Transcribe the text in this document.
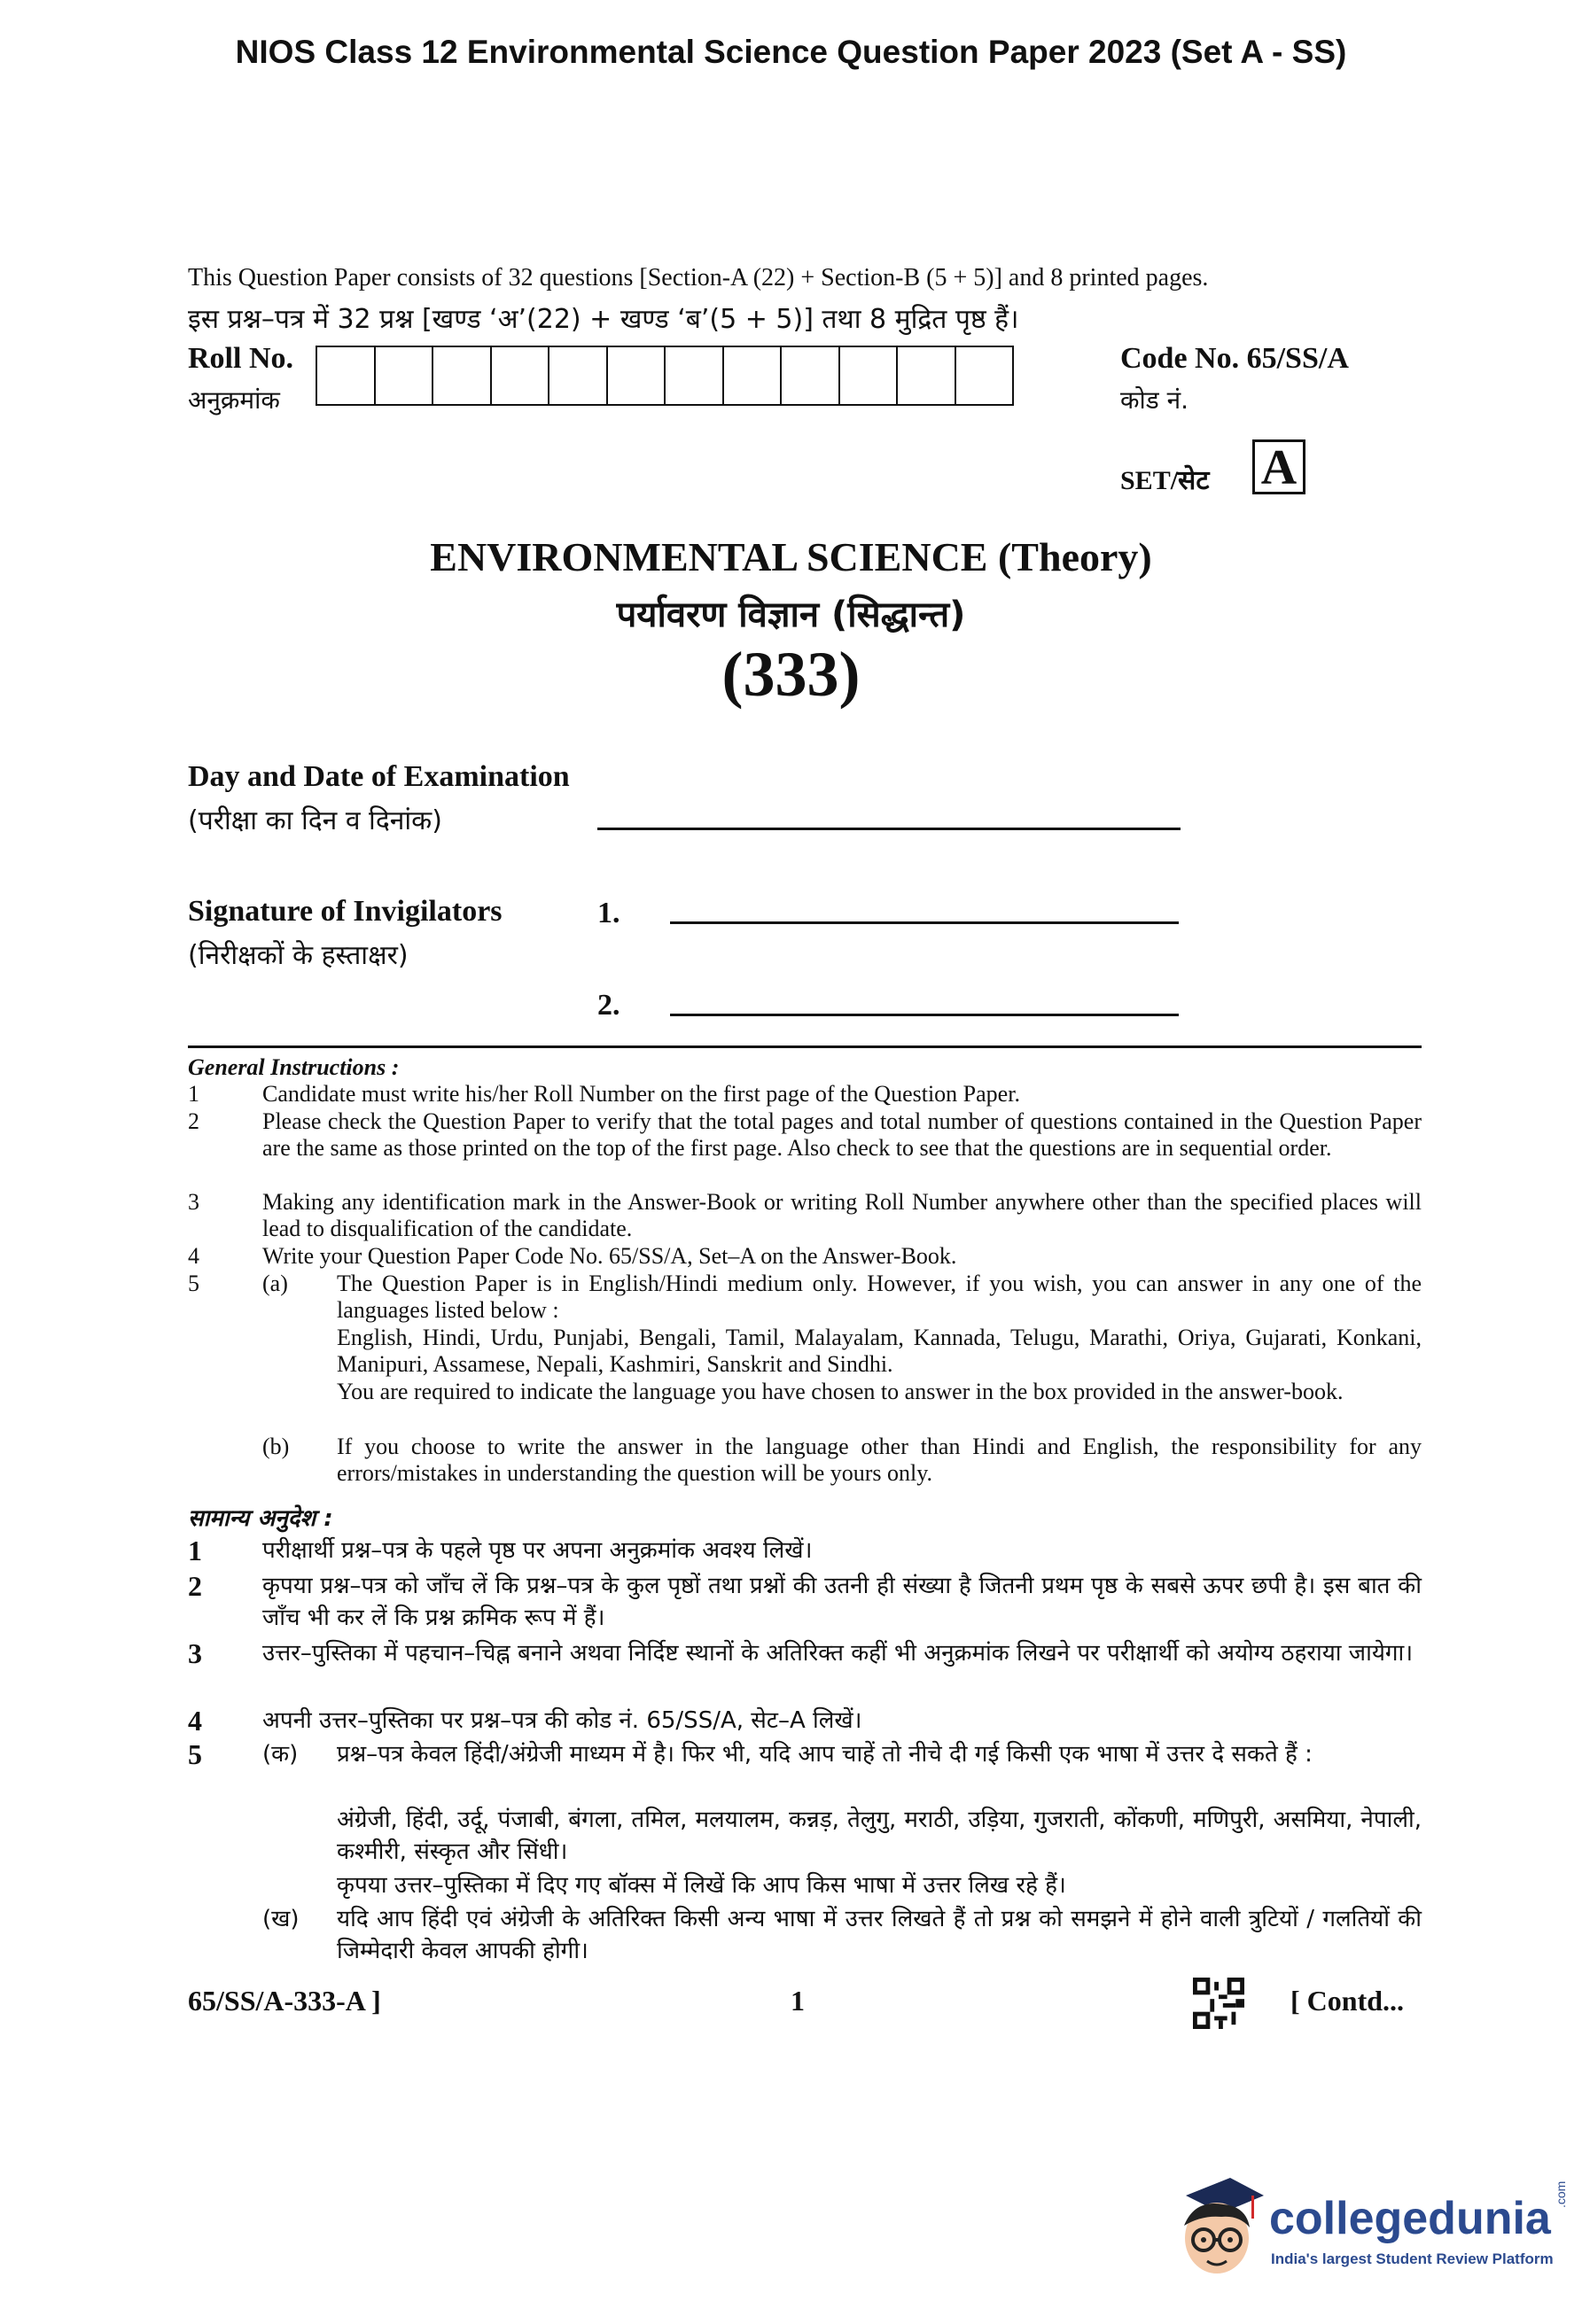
NIOS Class 12 Environmental Science Question Paper 2023 (Set A - SS)
This Question Paper consists of 32 questions [Section-A (22) + Section-B (5 + 5)] and 8 printed pages.
इस प्रश्न–पत्र में 32 प्रश्न [खण्ड ‘अ’(22) + खण्ड ‘ब’(5 + 5)] तथा 8 मुद्रित पृष्ठ हैं।
Roll No.
अनुक्रमांक
Code No. 65/SS/A
कोड नं.
SET/सेट A
ENVIRONMENTAL SCIENCE (Theory)
पर्यावरण विज्ञान (सिद्धान्त)
(333)
Day and Date of Examination
(परीक्षा का दिन व दिनांक)
Signature of Invigilators
(निरीक्षकों के हस्ताक्षर)
1.
2.
General Instructions :
1	Candidate must write his/her Roll Number on the first page of the Question Paper.
2	Please check the Question Paper to verify that the total pages and total number of questions contained in the Question Paper are the same as those printed on the top of the first page. Also check to see that the questions are in sequential order.
3	Making any identification mark in the Answer-Book or writing Roll Number anywhere other than the specified places will lead to disqualification of the candidate.
4	Write your Question Paper Code No. 65/SS/A, Set–A on the Answer-Book.
5	(a) The Question Paper is in English/Hindi medium only. However, if you wish, you can answer in any one of the languages listed below :
English, Hindi, Urdu, Punjabi, Bengali, Tamil, Malayalam, Kannada, Telugu, Marathi, Oriya, Gujarati, Konkani, Manipuri, Assamese, Nepali, Kashmiri, Sanskrit and Sindhi.
You are required to indicate the language you have chosen to answer in the box provided in the answer-book.
(b) If you choose to write the answer in the language other than Hindi and English, the responsibility for any errors/mistakes in understanding the question will be yours only.
सामान्य अनुदेश :
1	परीक्षार्थी प्रश्न–पत्र के पहले पृष्ठ पर अपना अनुक्रमांक अवश्य लिखें।
2	कृपया प्रश्न–पत्र को जाँच लें कि प्रश्न–पत्र के कुल पृष्ठों तथा प्रश्नों की उतनी ही संख्या है जितनी प्रथम पृष्ठ के सबसे ऊपर छपी है। इस बात की जाँच भी कर लें कि प्रश्न क्रमिक रूप में हैं।
3	उत्तर–पुस्तिका में पहचान–चिह्न बनाने अथवा निर्दिष्ट स्थानों के अतिरिक्त कहीं भी अनुक्रमांक लिखने पर परीक्षार्थी को अयोग्य ठहराया जायेगा।
4	अपनी उत्तर–पुस्तिका पर प्रश्न–पत्र की कोड नं. 65/SS/A, सेट–A लिखें।
5	(क) प्रश्न–पत्र केवल हिंदी/अंग्रेजी माध्यम में है। फिर भी, यदि आप चाहें तो नीचे दी गई किसी एक भाषा में उत्तर दे सकते हैं :
अंग्रेजी, हिंदी, उर्दू, पंजाबी, बंगला, तमिल, मलयालम, कन्नड़, तेलुगु, मराठी, उड़िया, गुजराती, कोंकणी, मणिपुरी, असमिया, नेपाली, कश्मीरी, संस्कृत और सिंधी।
कृपया उत्तर–पुस्तिका में दिए गए बॉक्स में लिखें कि आप किस भाषा में उत्तर लिख रहे हैं।
(ख) यदि आप हिंदी एवं अंग्रेजी के अतिरिक्त किसी अन्य भाषा में उत्तर लिखते हैं तो प्रश्न को समझने में होने वाली त्रुटियों / गलतियों की जिम्मेदारी केवल आपकी होगी।
65/SS/A-333-A ]	1	[ Contd...
collegedunia .com
India's largest Student Review Platform
